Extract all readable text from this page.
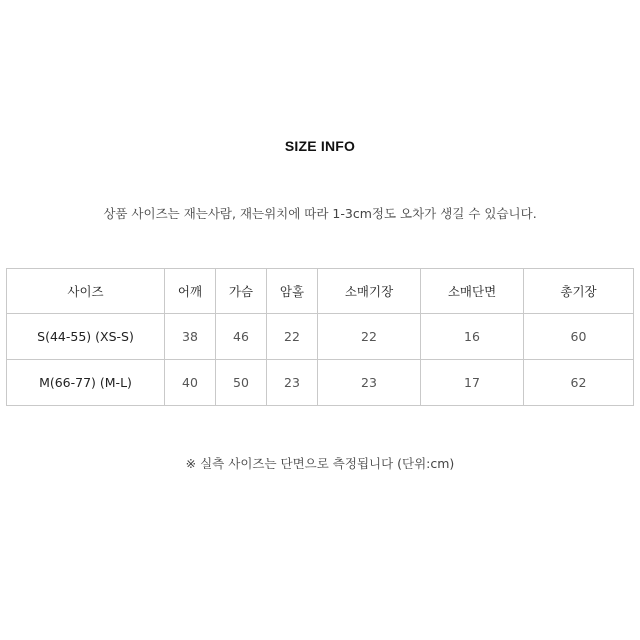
SIZE INFO
상품 사이즈는 재는사람, 재는위치에 따라 1-3cm정도 오차가 생길 수 있습니다.
사이즈	어깨	가슴	암홀	소매기장	소매단면	총기장
S(44-55) (XS-S)	38	46	22	22	16	60
M(66-77) (M-L)	40	50	23	23	17	62
※ 실측 사이즈는 단면으로 측정됩니다 (단위:cm)
